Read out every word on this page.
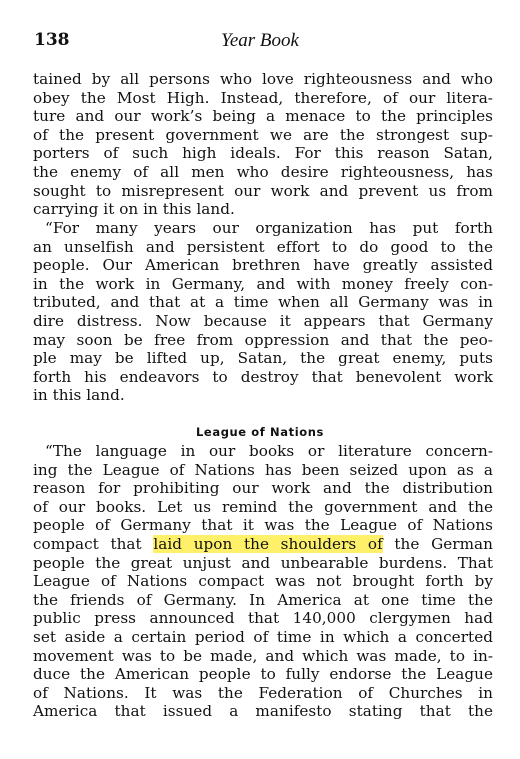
138	Year Book
tained by all persons who love righteousness and who
obey the Most High. Instead, therefore, of our litera-
ture and our work’s being a menace to the principles
of the present government we are the strongest sup-
porters of such high ideals. For this reason Satan,
the enemy of all men who desire righteousness, has
sought to misrepresent our work and prevent us from
carrying it on in this land.
“For many years our organization has put forth
an unselfish and persistent effort to do good to the
people. Our American brethren have greatly assisted
in the work in Germany, and with money freely con-
tributed, and that at a time when all Germany was in
dire distress. Now because it appears that Germany
may soon be free from oppression and that the peo-
ple may be lifted up, Satan, the great enemy, puts
forth his endeavors to destroy that benevolent work
in this land.
League of Nations
“The language in our books or literature concern-
ing the League of Nations has been seized upon as a
reason for prohibiting our work and the distribution
of our books. Let us remind the government and the
people of Germany that it was the League of Nations
compact that laid upon the shoulders of the German
people the great unjust and unbearable burdens. That
League of Nations compact was not brought forth by
the friends of Germany. In America at one time the
public press announced that 140,000 clergymen had
set aside a certain period of time in which a concerted
movement was to be made, and which was made, to in-
duce the American people to fully endorse the League
of Nations. It was the Federation of Churches in
America that issued a manifesto stating that the
